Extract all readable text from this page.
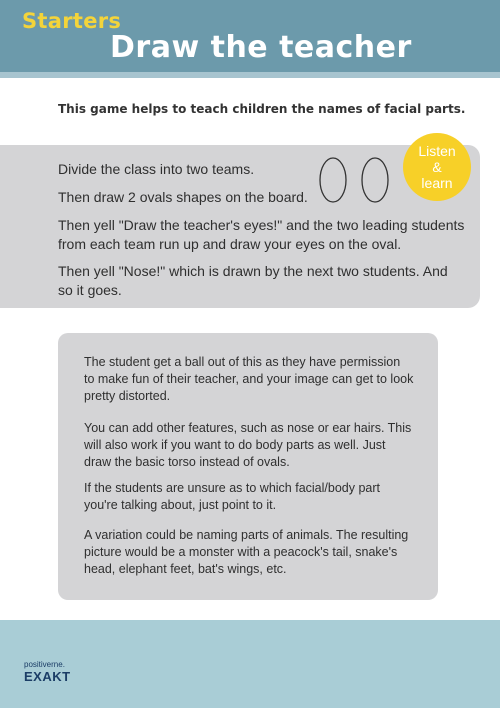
Starters
Draw the teacher
This game helps to teach children the names of facial parts.
Divide the class into two teams.
Then draw 2 ovals shapes on the board.
Then yell "Draw the teacher's eyes!" and the two leading students from each team run up and draw your eyes on the oval.
Then yell "Nose!" which is drawn by the next two students. And so it goes.
Listen
&
learn
The student get a ball out of this as they have permission to make fun of their teacher, and your image can get to look pretty distorted.
You can add other features, such as nose or ear hairs. This will also work if you want to do body parts as well. Just draw the basic torso instead of ovals.
If the students are unsure as to which facial/body part you're talking about, just point to it.
A variation could be naming parts of animals. The resulting picture would be a monster with a peacock's tail, snake's head, elephant feet, bat's wings, etc.
positiverne.
EXAKT
